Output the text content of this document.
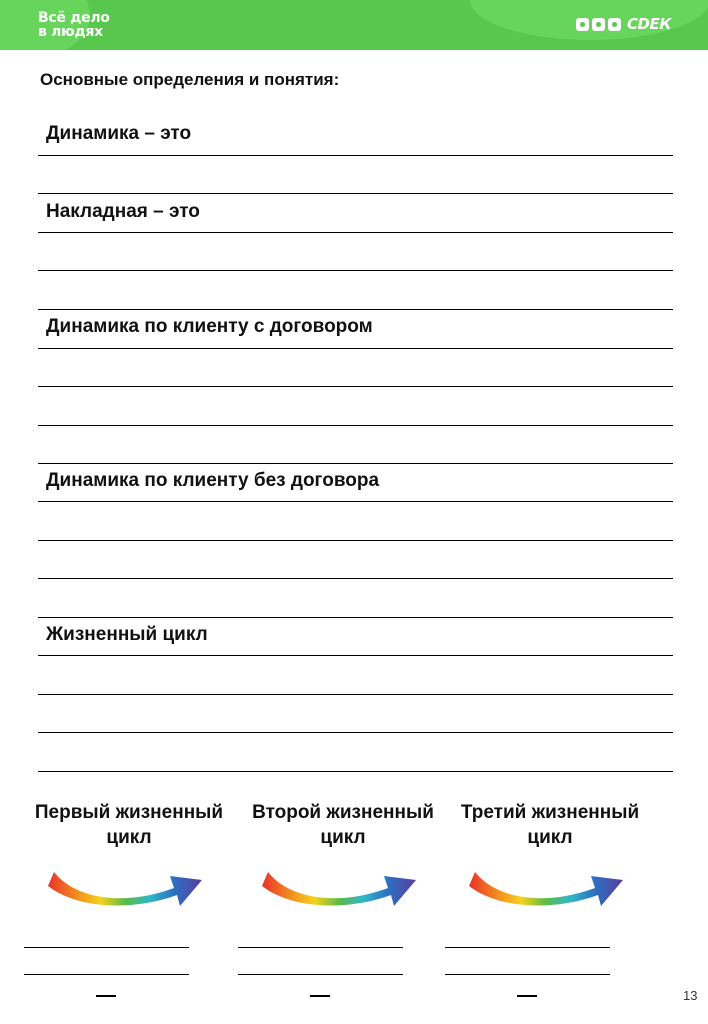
Всё дело
в людях	СDЕК
Основные определения и понятия:
Динамика – это
Накладная – это
Динамика по клиенту с договором
Динамика по клиенту без договора
Жизненный цикл
Первый жизненный цикл
Второй жизненный цикл
Третий жизненный цикл
13
